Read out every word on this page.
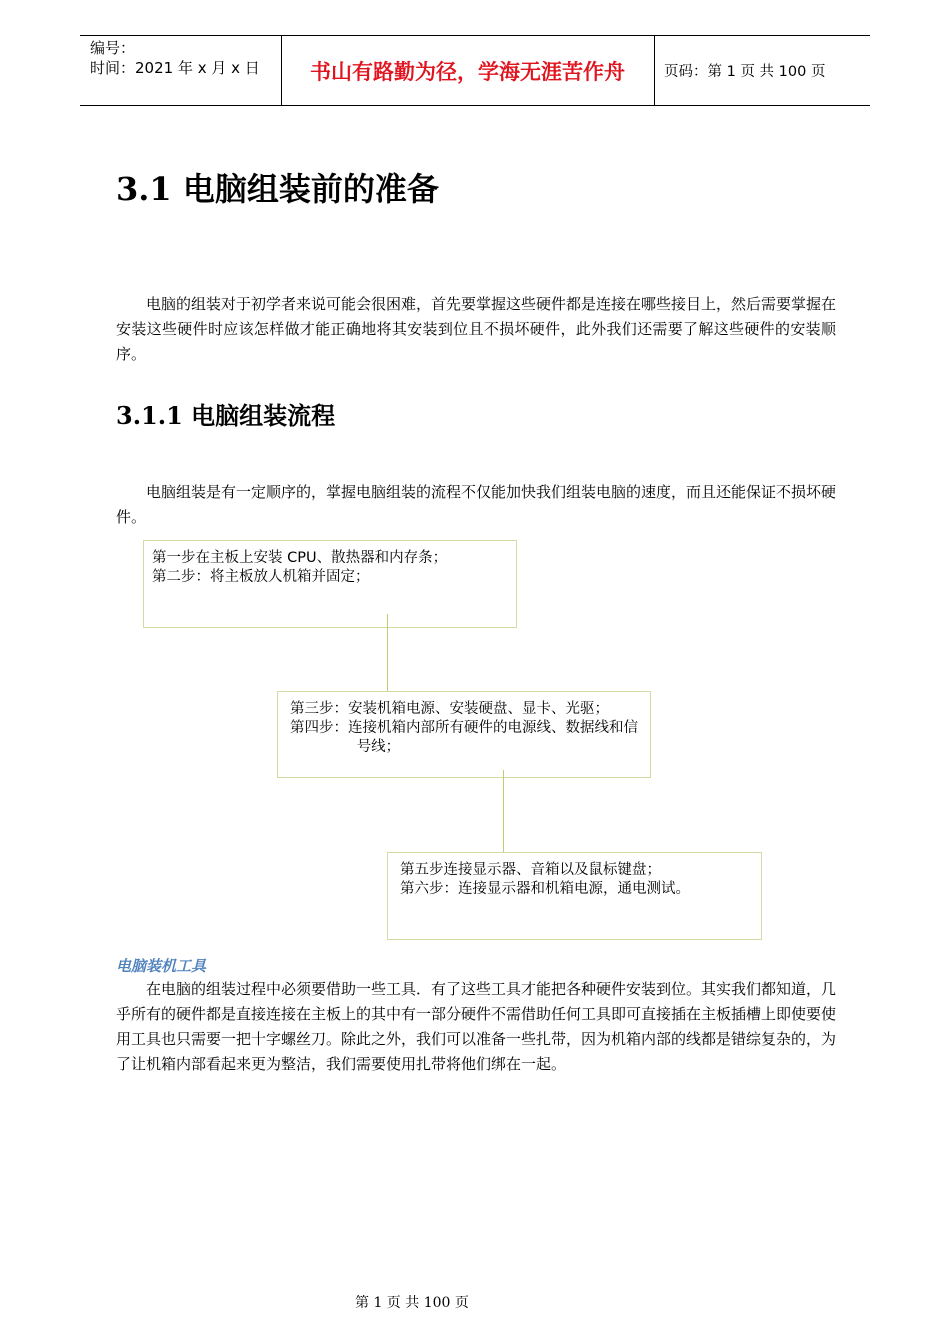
编号：
时间：2021 年 x 月 x 日	书山有路勤为径，学海无涯苦作舟	页码：第 1 页 共 100 页
3.1 电脑组装前的准备

电脑的组装对于初学者来说可能会很困难，首先要掌握这些硬件都是连接在哪些接目上，然后需要掌握在安装这些硬件时应该怎样做才能正确地将其安装到位且不损坏硬件，此外我们还需要了解这些硬件的安装顺序。

3.1.1 电脑组装流程

电脑组装是有一定顺序的，掌握电脑组装的流程不仅能加快我们组装电脑的速度，而且还能保证不损坏硬件。

第一步在主板上安装 CPU、散热器和内存条；

第二步：将主板放人机箱并固定；

第三步：安装机箱电源、安装硬盘、显卡、光驱；

第四步：连接机箱内部所有硬件的电源线、数据线和信号线；

第五步连接显示器、音箱以及鼠标键盘；

第六步：连接显示器和机箱电源，通电测试。

电脑装机工具

在电脑的组装过程中必须要借助一些工具．有了这些工具才能把各种硬件安装到位。其实我们都知道，几乎所有的硬件都是直接连接在主板上的其中有一部分硬件不需借助任何工具即可直接插在主板插槽上即使要使用工具也只需要一把十字螺丝刀。除此之外，我们可以准备一些扎带，因为机箱内部的线都是错综复杂的，为了让机箱内部看起来更为整洁，我们需要使用扎带将他们绑在一起。

第 1 页 共 100 页
